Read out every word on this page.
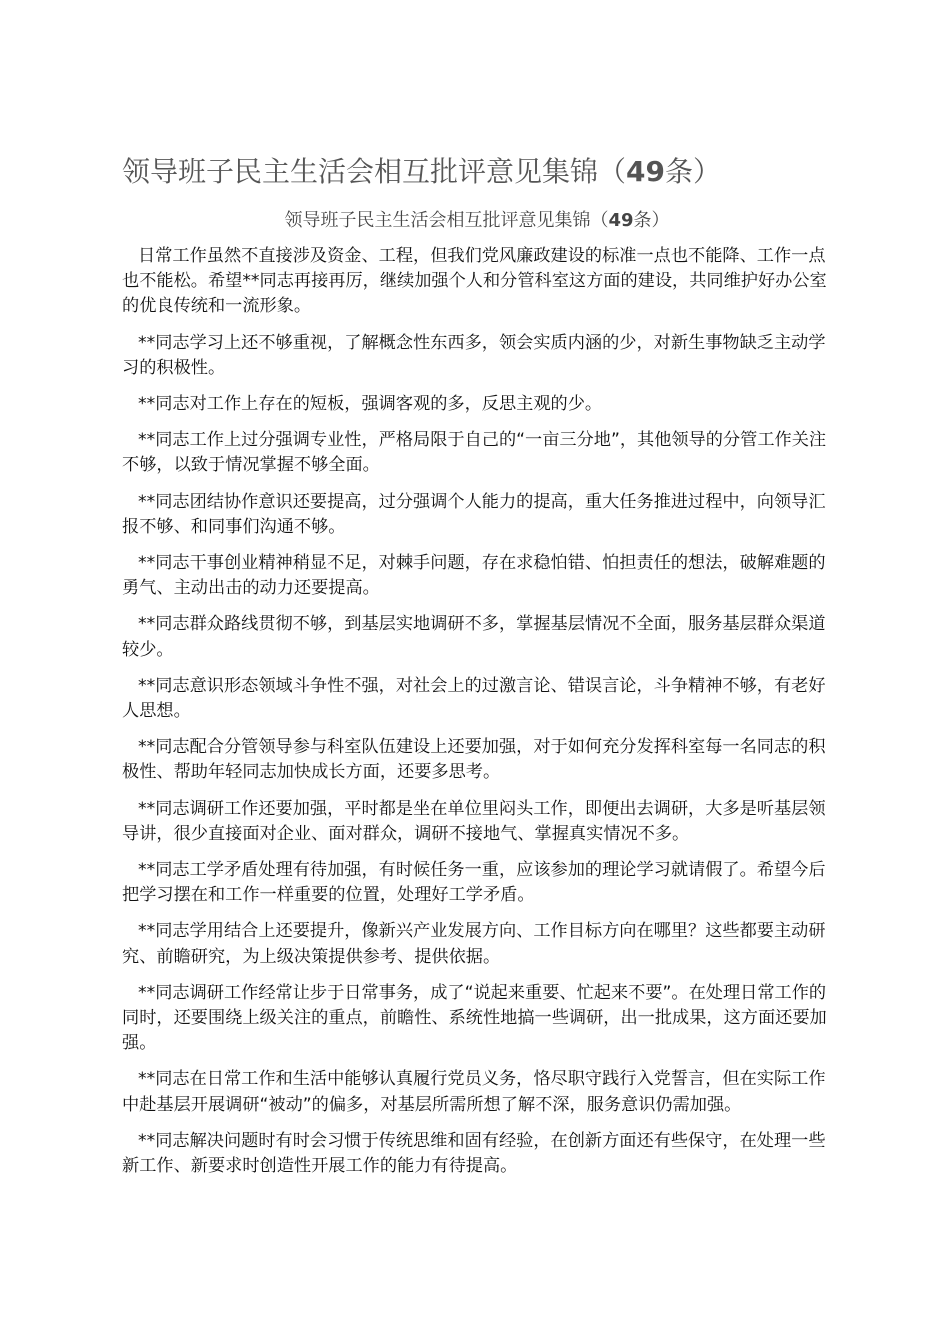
领导班子民主生活会相互批评意见集锦（49条）
领导班子民主生活会相互批评意见集锦（49条）

日常工作虽然不直接涉及资金、工程，但我们党风廉政建设的标准一点也不能降、工作一点也不能松。希望**同志再接再厉，继续加强个人和分管科室这方面的建设，共同维护好办公室的优良传统和一流形象。

**同志学习上还不够重视，了解概念性东西多，领会实质内涵的少，对新生事物缺乏主动学习的积极性。

**同志对工作上存在的短板，强调客观的多，反思主观的少。

**同志工作上过分强调专业性，严格局限于自己的“一亩三分地”，其他领导的分管工作关注不够，以致于情况掌握不够全面。

**同志团结协作意识还要提高，过分强调个人能力的提高，重大任务推进过程中，向领导汇报不够、和同事们沟通不够。

**同志干事创业精神稍显不足，对棘手问题，存在求稳怕错、怕担责任的想法，破解难题的勇气、主动出击的动力还要提高。

**同志群众路线贯彻不够，到基层实地调研不多，掌握基层情况不全面，服务基层群众渠道较少。

**同志意识形态领域斗争性不强，对社会上的过激言论、错误言论，斗争精神不够，有老好人思想。

**同志配合分管领导参与科室队伍建设上还要加强，对于如何充分发挥科室每一名同志的积极性、帮助年轻同志加快成长方面，还要多思考。

**同志调研工作还要加强，平时都是坐在单位里闷头工作，即便出去调研，大多是听基层领导讲，很少直接面对企业、面对群众，调研不接地气、掌握真实情况不多。

**同志工学矛盾处理有待加强，有时候任务一重，应该参加的理论学习就请假了。希望今后把学习摆在和工作一样重要的位置，处理好工学矛盾。

**同志学用结合上还要提升，像新兴产业发展方向、工作目标方向在哪里？这些都要主动研究、前瞻研究，为上级决策提供参考、提供依据。

**同志调研工作经常让步于日常事务，成了“说起来重要、忙起来不要”。在处理日常工作的同时，还要围绕上级关注的重点，前瞻性、系统性地搞一些调研，出一批成果，这方面还要加强。

**同志在日常工作和生活中能够认真履行党员义务，恪尽职守践行入党誓言，但在实际工作中赴基层开展调研“被动”的偏多，对基层所需所想了解不深，服务意识仍需加强。

**同志解决问题时有时会习惯于传统思维和固有经验，在创新方面还有些保守，在处理一些新工作、新要求时创造性开展工作的能力有待提高。
